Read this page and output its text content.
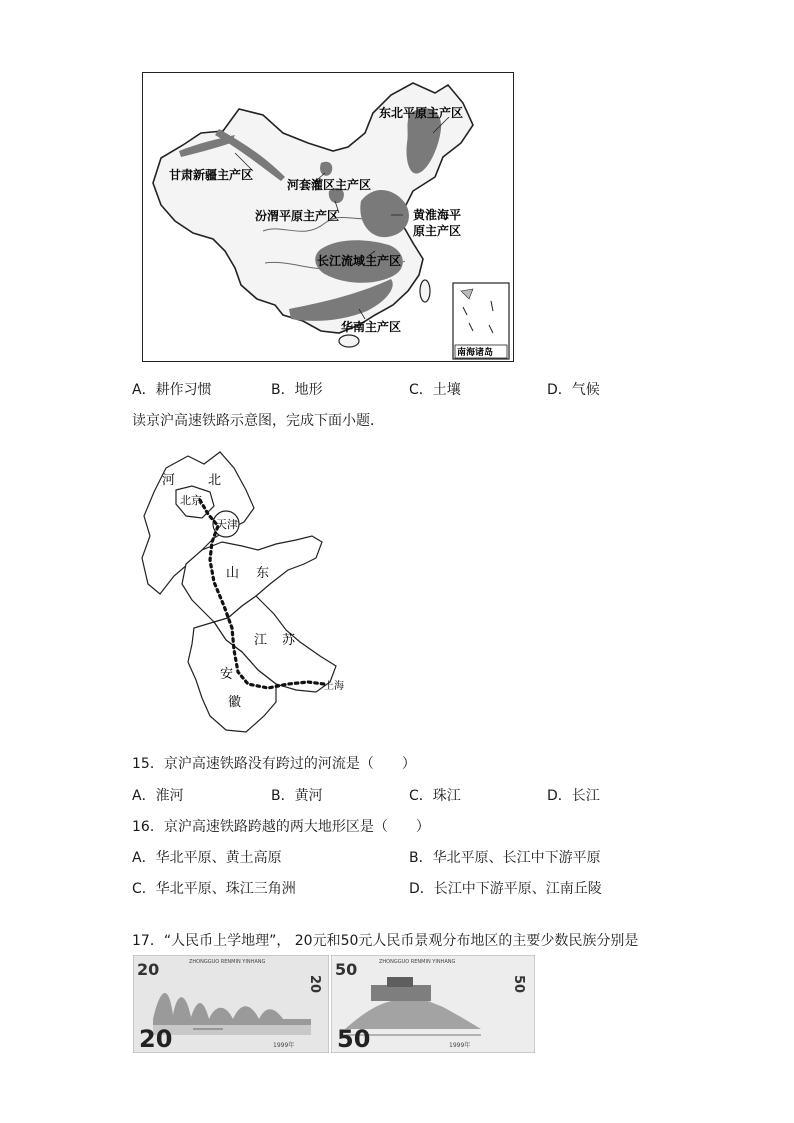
东北平原主产区
甘肃新疆主产区
河套灌区主产区
汾渭平原主产区	黄淮海平
原主产区
长江流域主产区
华南主产区
南海诸岛
A．耕作习惯	B．地形	C．土壤	D．气候
读京沪高速铁路示意图，完成下面小题．
河	北
北京
天津
山 东
江 苏
安
徽
上海
15．京沪高速铁路没有跨过的河流是（　　）
A．淮河	B．黄河	C．珠江	D．长江
16．京沪高速铁路跨越的两大地形区是（　　）
A．华北平原、黄土高原	B．华北平原、长江中下游平原
C．华北平原、珠江三角洲	D．长江中下游平原、江南丘陵
17．“人民币上学地理”， 20元和50元人民币景观分布地区的主要少数民族分别是
ZHONGGUO RENMIN YINHANG
20
20
20	1999年
ZHONGGUO RENMIN YINHANG
50
50
50	1999年
